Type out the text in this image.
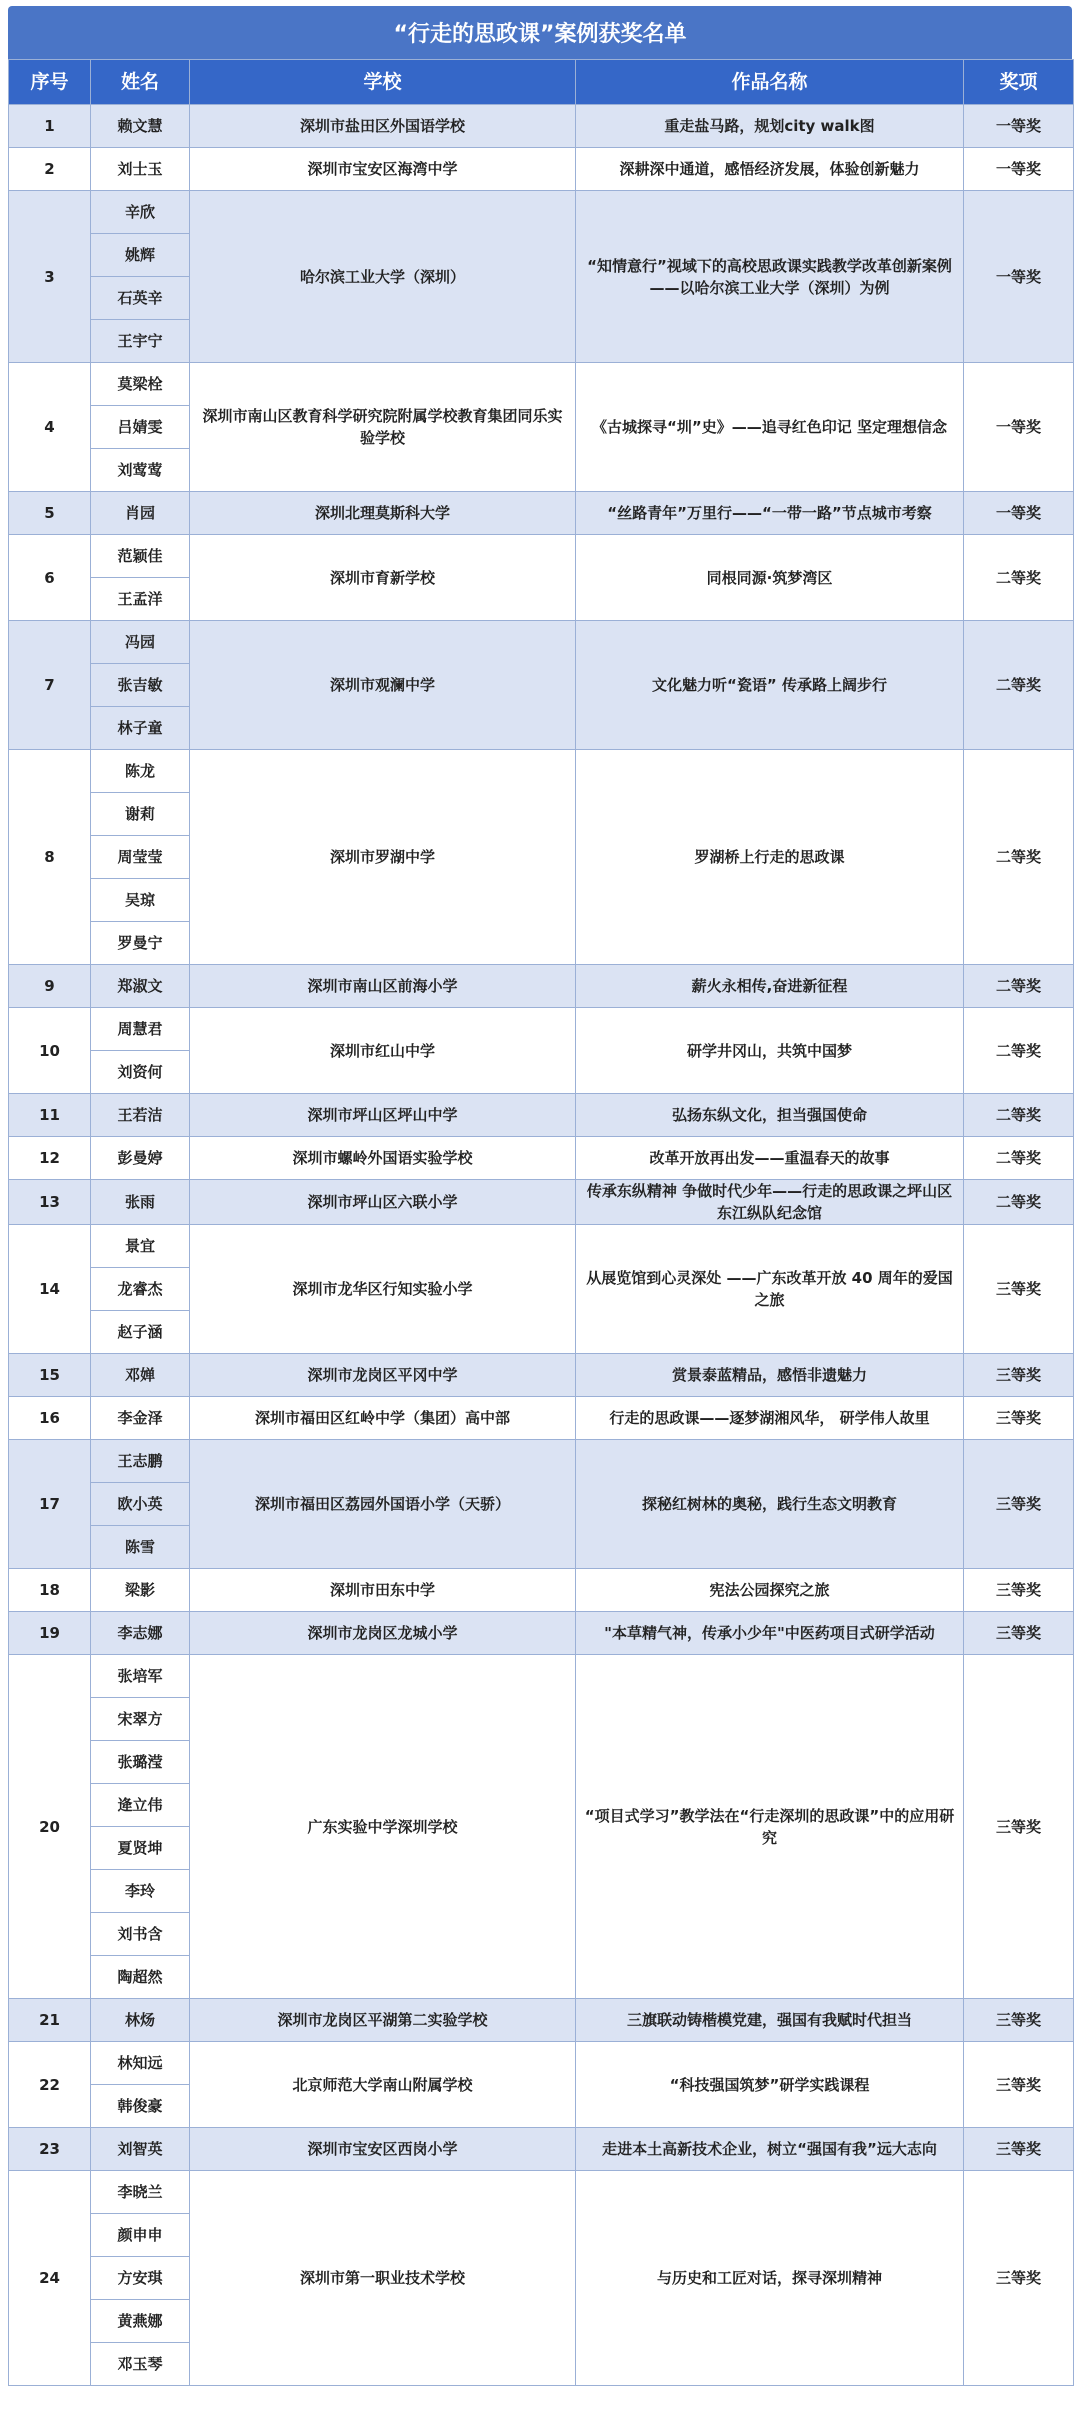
“行走的思政课”案例获奖名单
序号	姓名	学校	作品名称	奖项
1	赖文慧	深圳市盐田区外国语学校	重走盐马路，规划city walk图	一等奖
2	刘士玉	深圳市宝安区海湾中学	深耕深中通道，感悟经济发展，体验创新魅力	一等奖
3	辛欣	哈尔滨工业大学（深圳）	“知情意行”视域下的高校思政课实践教学改革创新案例——以哈尔滨工业大学（深圳）为例	一等奖
	姚辉			
	石英辛			
	王宇宁			
4	莫梁栓	深圳市南山区教育科学研究院附属学校教育集团同乐实验学校	《古城探寻“圳”史》——追寻红色印记 坚定理想信念	一等奖
	吕婧雯			
	刘莺莺			
5	肖园	深圳北理莫斯科大学	“丝路青年”万里行——“一带一路”节点城市考察	一等奖
6	范颖佳	深圳市育新学校	同根同源·筑梦湾区	二等奖
	王孟洋			
7	冯园	深圳市观澜中学	文化魅力听“瓷语” 传承路上阔步行	二等奖
	张吉敏			
	林子童			
8	陈龙	深圳市罗湖中学	罗湖桥上行走的思政课	二等奖
	谢莉			
	周莹莹			
	吴琼			
	罗曼宁			
9	郑淑文	深圳市南山区前海小学	薪火永相传,奋进新征程	二等奖
10	周慧君	深圳市红山中学	研学井冈山，共筑中国梦	二等奖
	刘资何			
11	王若洁	深圳市坪山区坪山中学	弘扬东纵文化，担当强国使命	二等奖
12	彭曼婷	深圳市螺岭外国语实验学校	改革开放再出发——重温春天的故事	二等奖
13	张雨	深圳市坪山区六联小学	传承东纵精神 争做时代少年——行走的思政课之坪山区东江纵队纪念馆	二等奖
14	景宜	深圳市龙华区行知实验小学	从展览馆到心灵深处 ——广东改革开放 40 周年的爱国之旅	三等奖
	龙睿杰			
	赵子涵			
15	邓婵	深圳市龙岗区平冈中学	赏景泰蓝精品，感悟非遗魅力	三等奖
16	李金泽	深圳市福田区红岭中学（集团）高中部	行走的思政课——逐梦湖湘风华， 研学伟人故里	三等奖
17	王志鹏	深圳市福田区荔园外国语小学（天骄）	探秘红树林的奥秘，践行生态文明教育	三等奖
	欧小英			
	陈雪			
18	梁影	深圳市田东中学	宪法公园探究之旅	三等奖
19	李志娜	深圳市龙岗区龙城小学	"本草精气神，传承小少年"中医药项目式研学活动	三等奖
20	张培军	广东实验中学深圳学校	“项目式学习”教学法在“行走深圳的思政课”中的应用研究	三等奖
	宋翠方			
	张璐滢			
	逄立伟			
	夏贤坤			
	李玲			
	刘书含			
	陶超然			
21	林炀	深圳市龙岗区平湖第二实验学校	三旗联动铸楷模党建，强国有我赋时代担当	三等奖
22	林知远	北京师范大学南山附属学校	“科技强国筑梦”研学实践课程	三等奖
	韩俊豪			
23	刘智英	深圳市宝安区西岗小学	走进本土高新技术企业，树立“强国有我”远大志向	三等奖
24	李晓兰	深圳市第一职业技术学校	与历史和工匠对话，探寻深圳精神	三等奖
	颜申申			
	方安琪			
	黄燕娜			
	邓玉琴			
